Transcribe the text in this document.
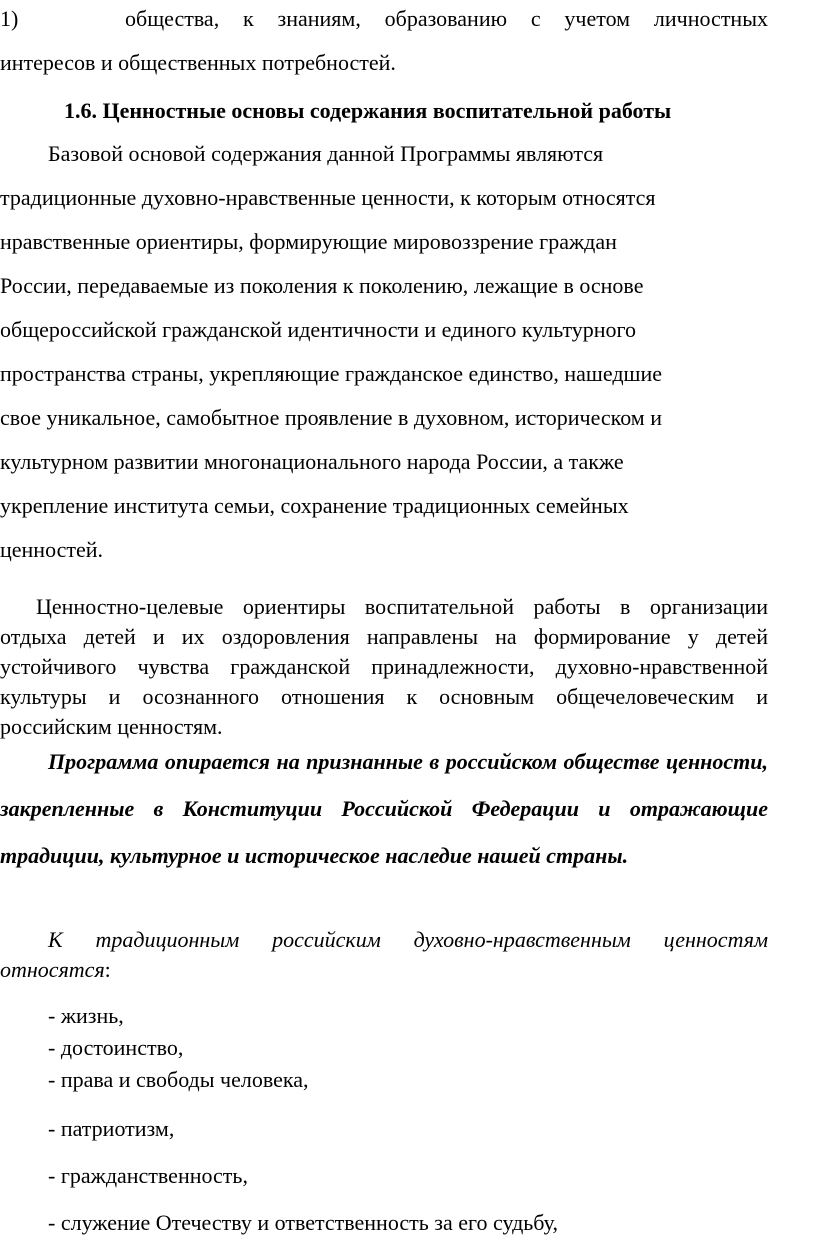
1)	общества, к знаниям, образованию с учетом личностных
интересов и общественных потребностей.
1.6. Ценностные основы содержания воспитательной работы
Базовой основой содержания данной Программы являются
традиционные духовно-нравственные ценности, к которым относятся
нравственные ориентиры, формирующие мировоззрение граждан
России, передаваемые из поколения к поколению, лежащие в основе
общероссийской гражданской идентичности и единого культурного
пространства страны, укрепляющие гражданское единство, нашедшие
свое уникальное, самобытное проявление в духовном, историческом и
культурном развитии многонационального народа России, а также
укрепление института семьи, сохранение традиционных семейных
ценностей.
Ценностно-целевые ориентиры воспитательной работы в организации отдыха детей и их оздоровления направлены на формирование у детей устойчивого чувства гражданской принадлежности, духовно-нравственной культуры и осознанного отношения к основным общечеловеческим и российским ценностям.
Программа опирается на признанные в российском обществе ценности, закрепленные в Конституции Российской Федерации и отражающие традиции, культурное и историческое наследие нашей страны.
К традиционным российским духовно-нравственным ценностям относятся:
- жизнь,
- достоинство,
- права и свободы человека,
- патриотизм,
- гражданственность,
- служение Отечеству и ответственность за его судьбу,
